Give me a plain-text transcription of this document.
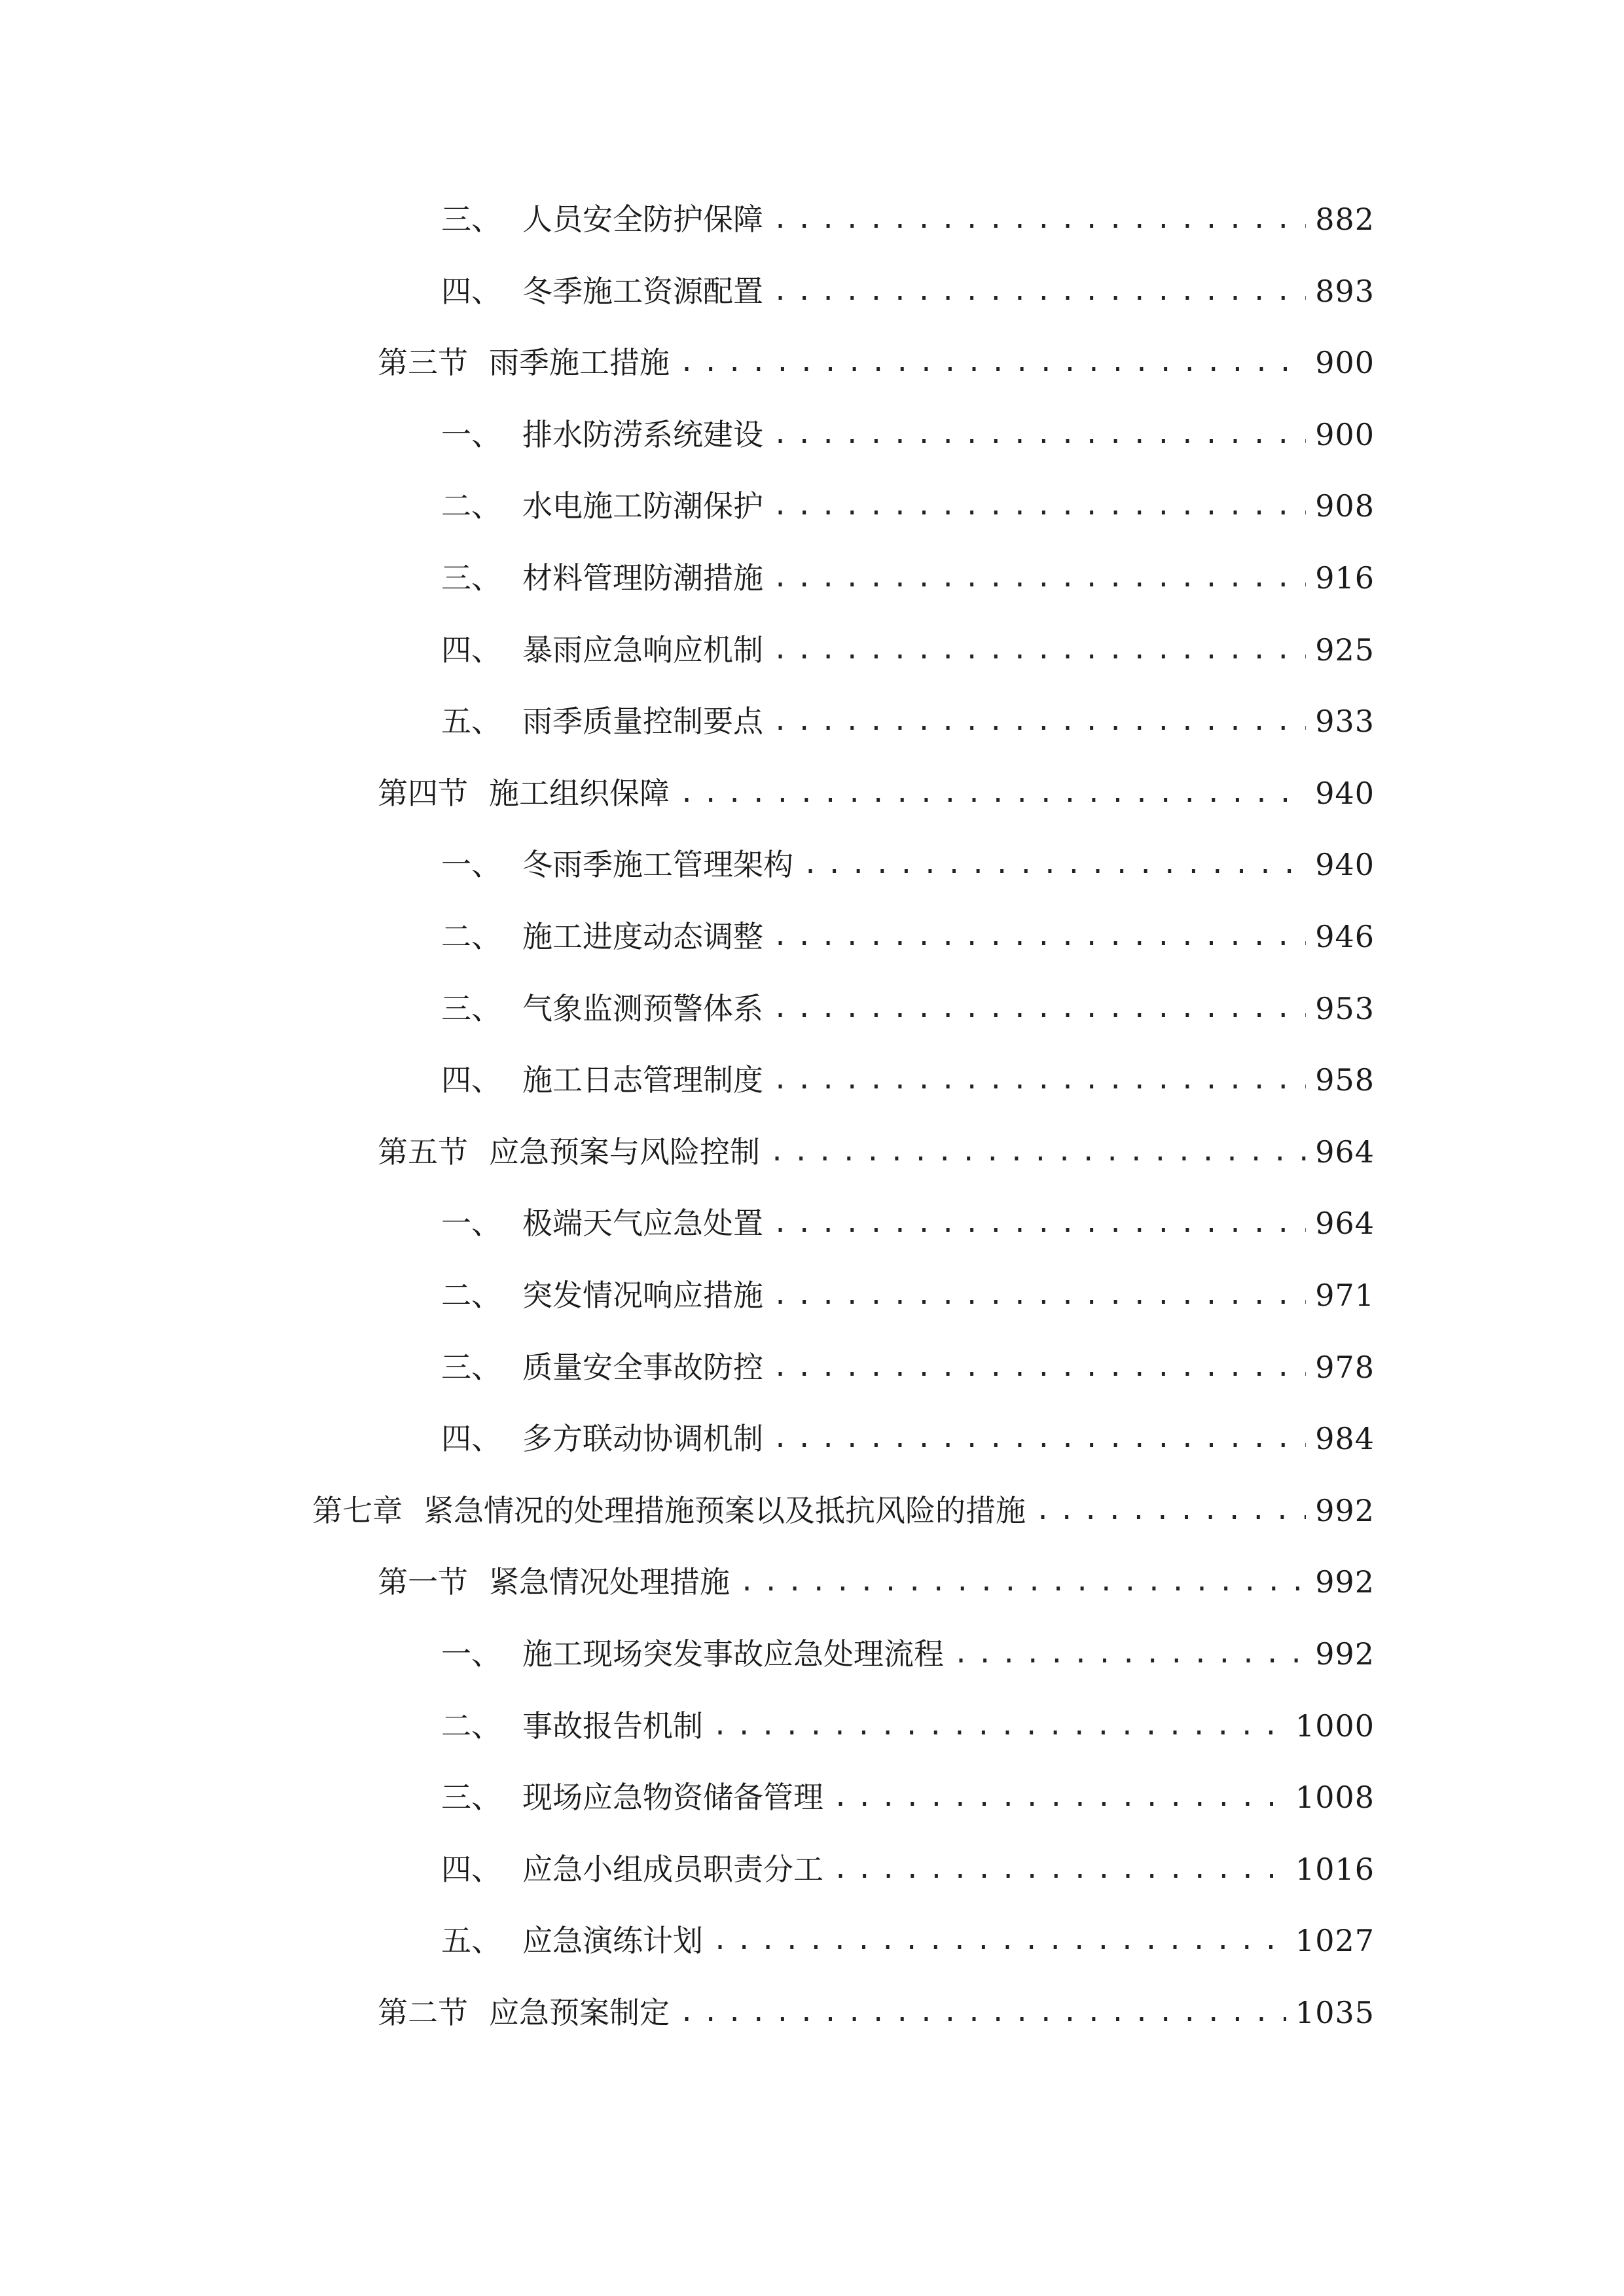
三、 人员安全防护保障 .....	882
四、 冬季施工资源配置 .....	893
第三节 雨季施工措施 .....	900
一、 排水防涝系统建设 .....	900
二、 水电施工防潮保护 .....	908
三、 材料管理防潮措施 .....	916
四、 暴雨应急响应机制 .....	925
五、 雨季质量控制要点 .....	933
第四节 施工组织保障 .....	940
一、 冬雨季施工管理架构 .....	940
二、 施工进度动态调整 .....	946
三、 气象监测预警体系 .....	953
四、 施工日志管理制度 .....	958
第五节 应急预案与风险控制 .....	964
一、 极端天气应急处置 .....	964
二、 突发情况响应措施 .....	971
三、 质量安全事故防控 .....	978
四、 多方联动协调机制 .....	984
第七章 紧急情况的处理措施预案以及抵抗风险的措施 .....	992
第一节 紧急情况处理措施 .....	992
一、 施工现场突发事故应急处理流程 .....	992
二、 事故报告机制 .....	1000
三、 现场应急物资储备管理 .....	1008
四、 应急小组成员职责分工 .....	1016
五、 应急演练计划 .....	1027
第二节 应急预案制定 .....	1035
